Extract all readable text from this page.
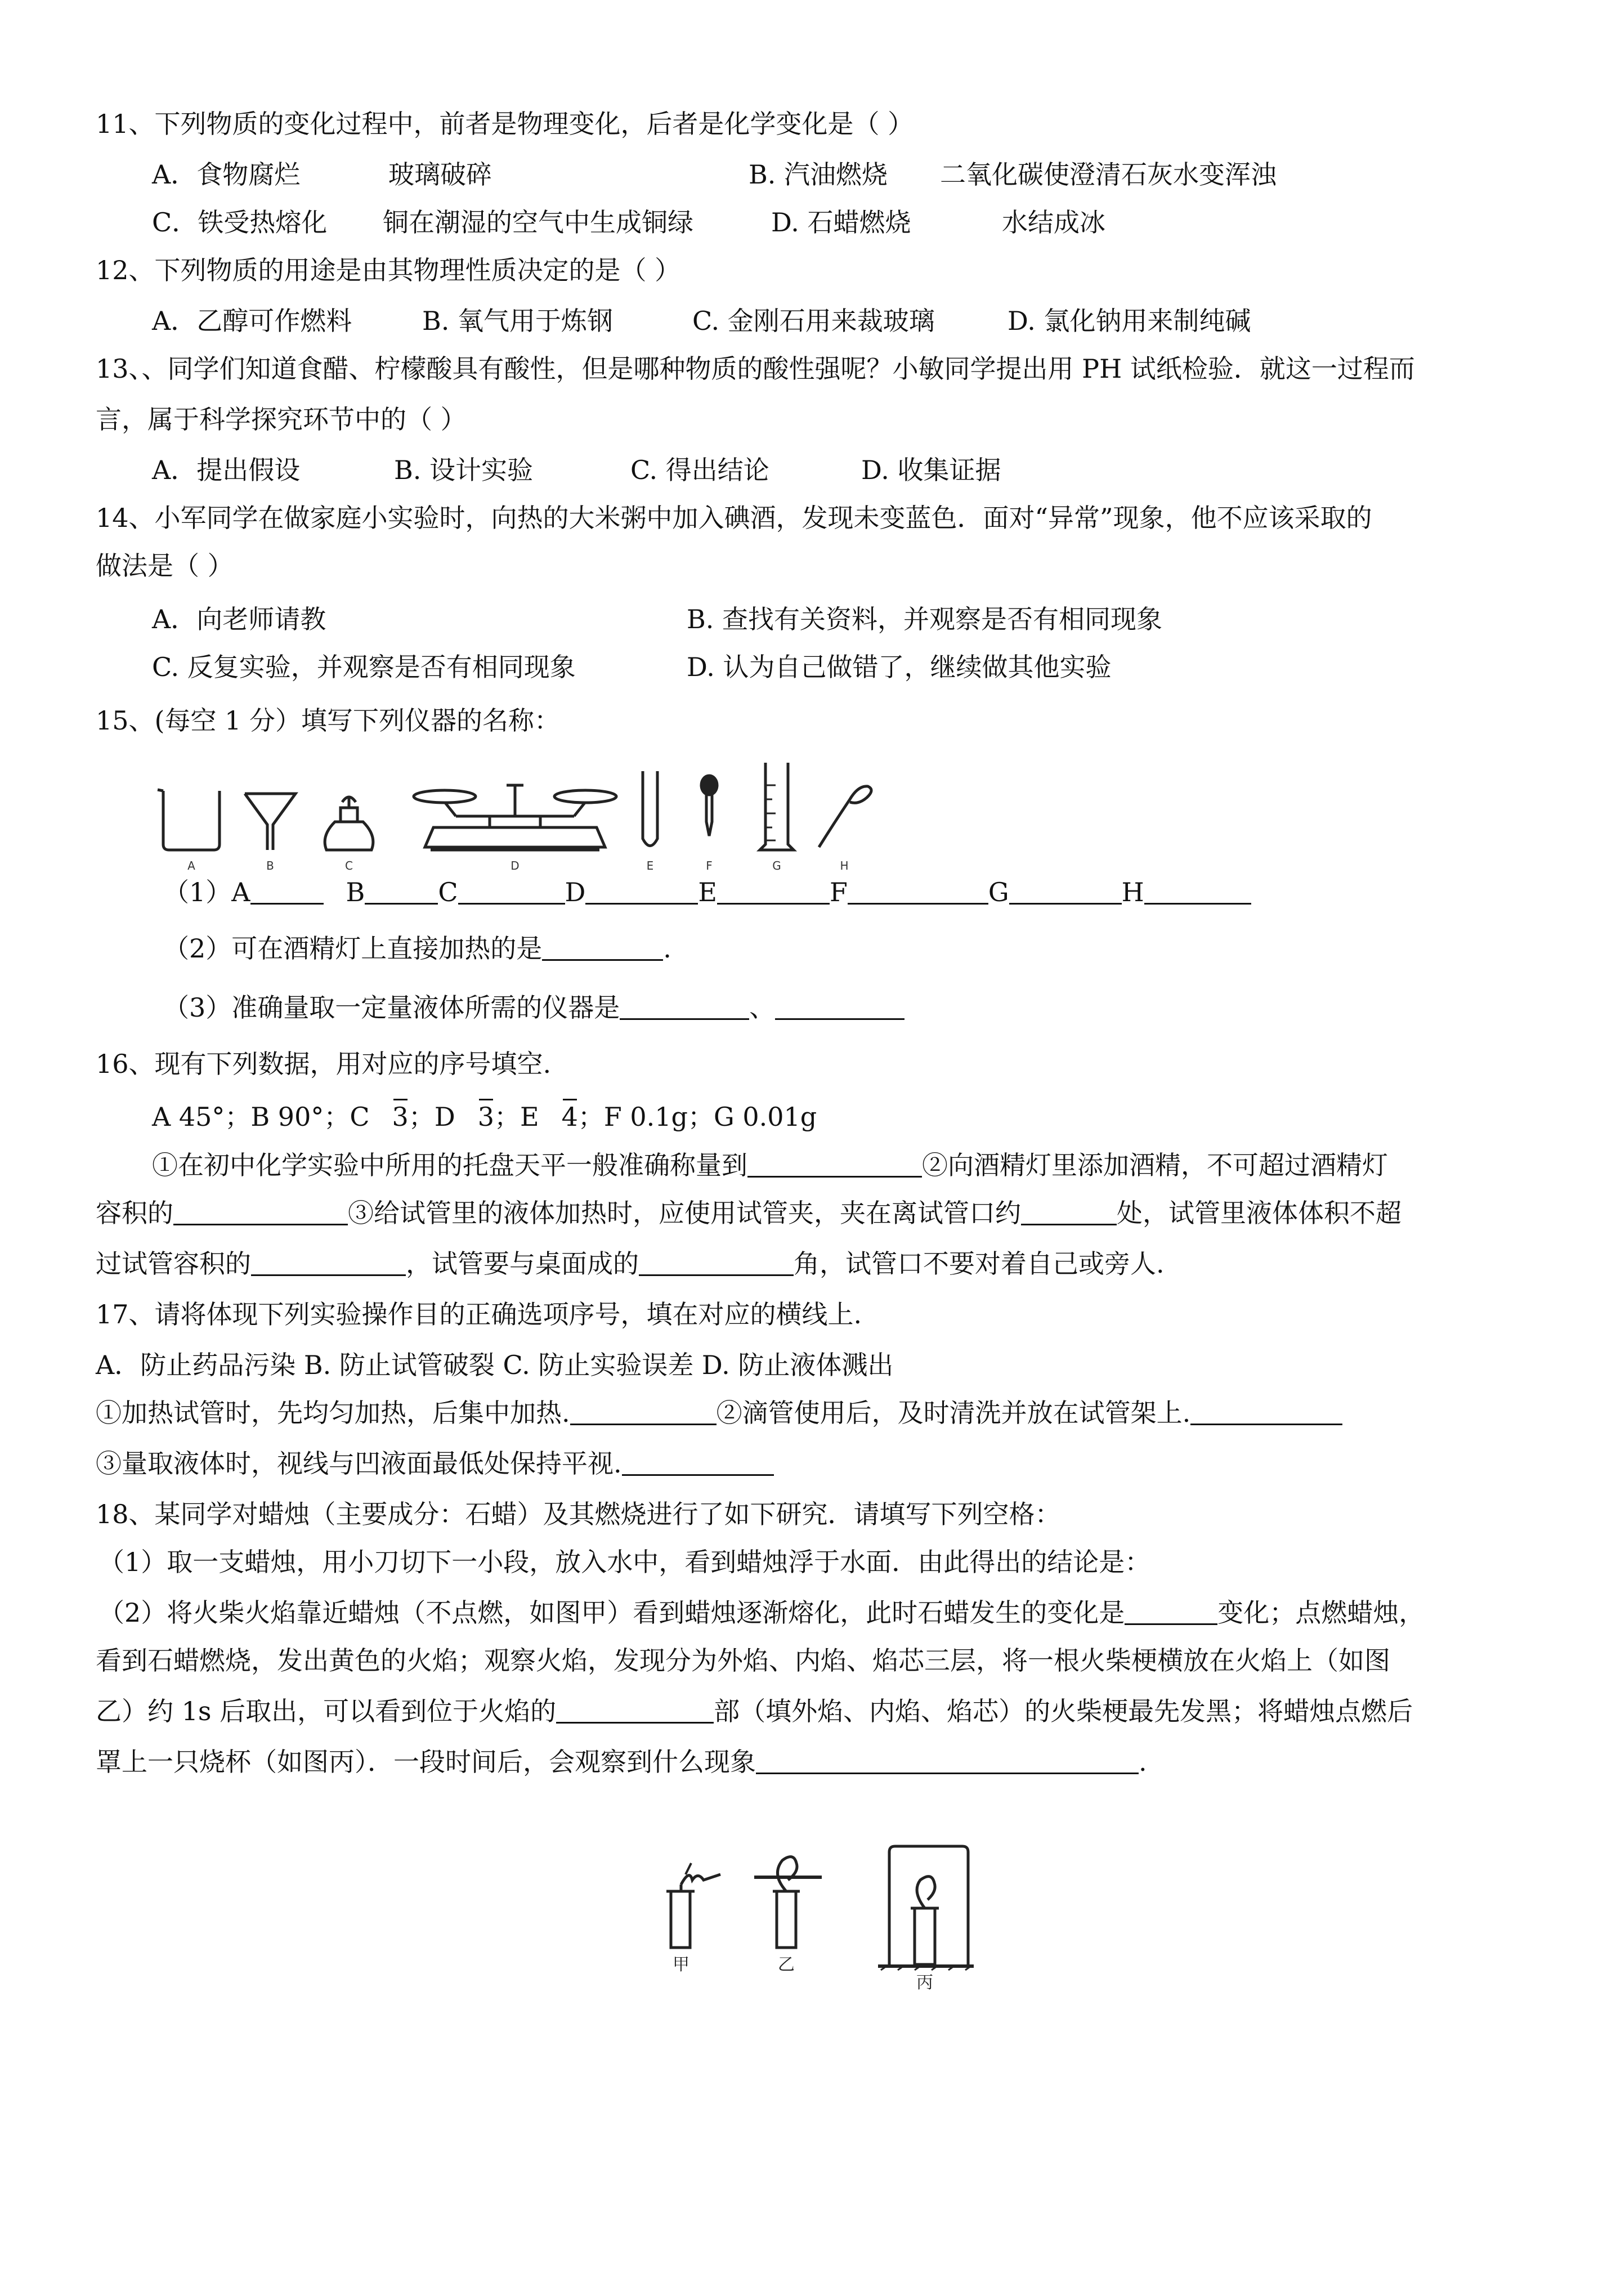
11、下列物质的变化过程中，前者是物理变化，后者是化学变化是（ ）
A．食物腐烂	玻璃破碎	B. 汽油燃烧 二氧化碳使澄清石灰水变浑浊
C．铁受热熔化 铜在潮湿的空气中生成铜绿	D. 石蜡燃烧	水结成冰
12、下列物质的用途是由其物理性质决定的是（ ）
A．乙醇可作燃料	B. 氧气用于炼钢	C. 金刚石用来裁玻璃	D. 氯化钠用来制纯碱
13、、同学们知道食醋、柠檬酸具有酸性，但是哪种物质的酸性强呢？小敏同学提出用 PH 试纸检验．就这一过程而
言，属于科学探究环节中的（ ）
A．提出假设	B. 设计实验	C. 得出结论	D. 收集证据
14、小军同学在做家庭小实验时，向热的大米粥中加入碘酒，发现未变蓝色．面对“异常”现象，他不应该采取的
做法是（ ）
A．向老师请教	B. 查找有关资料，并观察是否有相同现象
C. 反复实验，并观察是否有相同现象	D. 认为自己做错了，继续做其他实验
15、(每空 1 分）填写下列仪器的名称：
A	B	C	D	E	F	G	H
（1）A	B	C	D	E	F	G	H
（2）可在酒精灯上直接加热的是	.
（3）准确量取一定量液体所需的仪器是	、
16、现有下列数据，用对应的序号填空.
A 45°；B 90°；C 3；D 3；E 4；F 0.1g；G 0.01g
①在初中化学实验中所用的托盘天平一般准确称量到	②向酒精灯里添加酒精，不可超过酒精灯
容积的	③给试管里的液体加热时，应使用试管夹，夹在离试管口约	处，试管里液体体积不超
过试管容积的	，试管要与桌面成的	角，试管口不要对着自己或旁人.
17、请将体现下列实验操作目的正确选项序号，填在对应的横线上.
A．防止药品污染 B. 防止试管破裂 C. 防止实验误差 D. 防止液体溅出
①加热试管时，先均匀加热，后集中加热.	②滴管使用后，及时清洗并放在试管架上.
③量取液体时，视线与凹液面最低处保持平视.
18、某同学对蜡烛（主要成分：石蜡）及其燃烧进行了如下研究．请填写下列空格：
（1）取一支蜡烛，用小刀切下一小段，放入水中，看到蜡烛浮于水面．由此得出的结论是：
（2）将火柴火焰靠近蜡烛（不点燃，如图甲）看到蜡烛逐渐熔化，此时石蜡发生的变化是	变化；点燃蜡烛，
看到石蜡燃烧，发出黄色的火焰；观察火焰，发现分为外焰、内焰、焰芯三层，将一根火柴梗横放在火焰上（如图
乙）约 1s 后取出，可以看到位于火焰的	部（填外焰、内焰、焰芯）的火柴梗最先发黑；将蜡烛点燃后
罩上一只烧杯（如图丙）．一段时间后，会观察到什么现象	.
甲	乙
丙
